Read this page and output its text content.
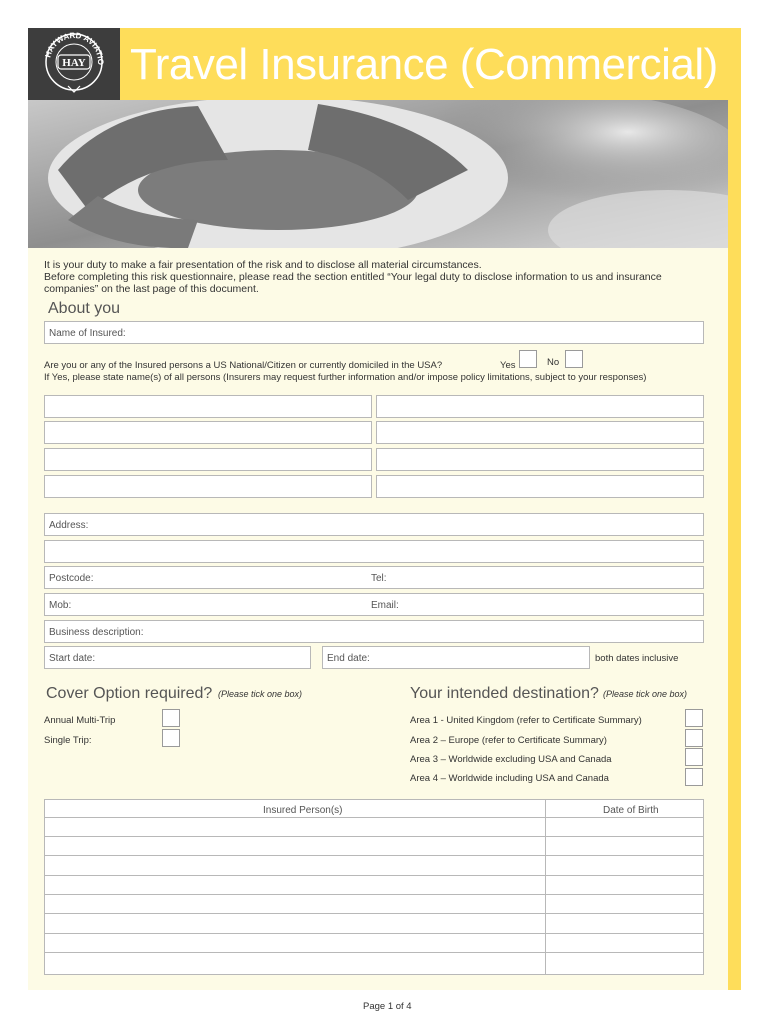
HAYWARD AVIATIO
HAY Travel Insurance (Commercial)
It is your duty to make a fair presentation of the risk and to disclose all material circumstances.
Before completing this risk questionnaire, please read the section entitled “Your legal duty to disclose information to us and insurance
companies” on the last page of this document.
About you
Name of Insured:
Are you or any of the Insured persons a US National/Citizen or currently domiciled in the USA?	Yes	No
If Yes, please state name(s) of all persons (Insurers may request further information and/or impose policy limitations, subject to your responses)
Address:
Postcode:	Tel:
Mob:	Email:
Business description:
Start date:	End date:	both dates inclusive
Cover Option required? (Please tick one box)
Annual Multi-Trip
Single Trip:
Your intended destination? (Please tick one box)
Area 1 - United Kingdom (refer to Certificate Summary)
Area 2 – Europe (refer to Certificate Summary)
Area 3 – Worldwide excluding USA and Canada
Area 4 – Worldwide including USA and Canada
Insured Person(s)	Date of Birth
Page 1 of 4
